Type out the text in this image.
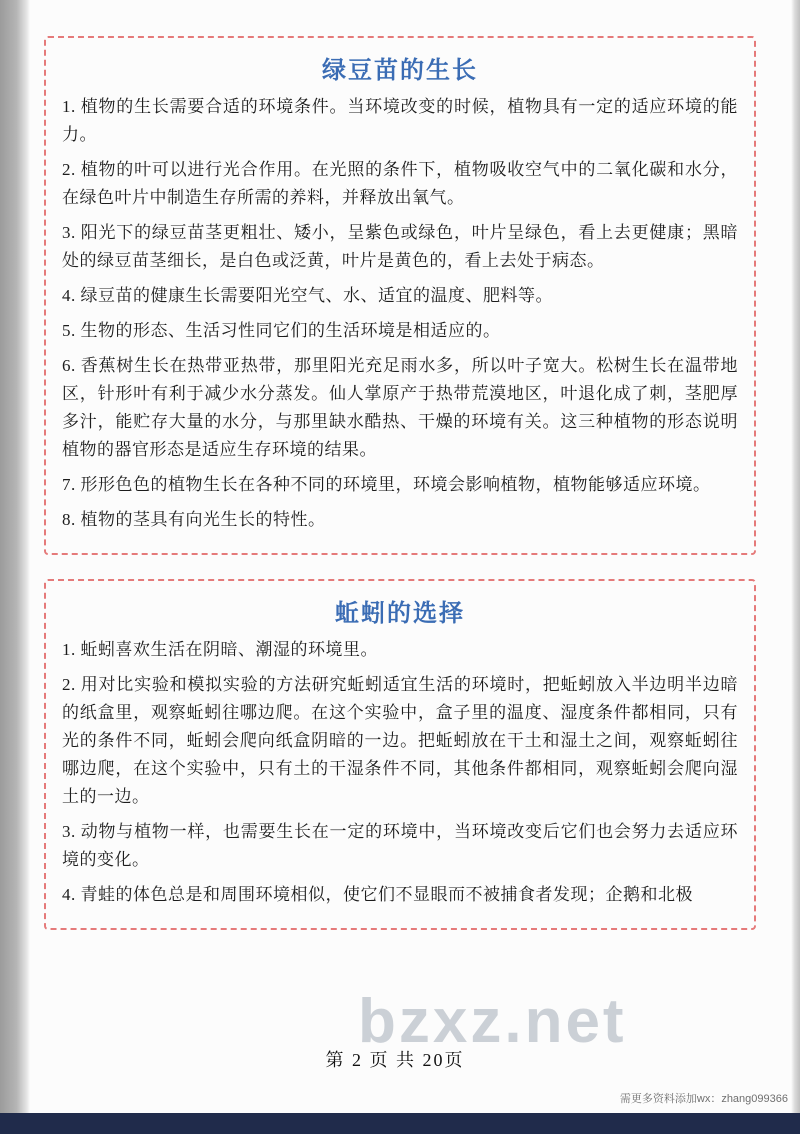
bzxz.net
绿豆苗的生长

1. 植物的生长需要合适的环境条件。当环境改变的时候，植物具有一定的适应环境的能力。

2. 植物的叶可以进行光合作用。在光照的条件下，植物吸收空气中的二氧化碳和水分，在绿色叶片中制造生存所需的养料，并释放出氧气。

3. 阳光下的绿豆苗茎更粗壮、矮小，呈紫色或绿色，叶片呈绿色，看上去更健康；黑暗处的绿豆苗茎细长，是白色或泛黄，叶片是黄色的，看上去处于病态。

4. 绿豆苗的健康生长需要阳光空气、水、适宜的温度、肥料等。

5. 生物的形态、生活习性同它们的生活环境是相适应的。

6. 香蕉树生长在热带亚热带，那里阳光充足雨水多，所以叶子宽大。松树生长在温带地区，针形叶有利于减少水分蒸发。仙人掌原产于热带荒漠地区，叶退化成了刺，茎肥厚多汁，能贮存大量的水分，与那里缺水酷热、干燥的环境有关。这三种植物的形态说明植物的器官形态是适应生存环境的结果。

7. 形形色色的植物生长在各种不同的环境里，环境会影响植物，植物能够适应环境。

8. 植物的茎具有向光生长的特性。

蚯蚓的选择

1. 蚯蚓喜欢生活在阴暗、潮湿的环境里。

2. 用对比实验和模拟实验的方法研究蚯蚓适宜生活的环境时，把蚯蚓放入半边明半边暗的纸盒里，观察蚯蚓往哪边爬。在这个实验中，盒子里的温度、湿度条件都相同，只有光的条件不同，蚯蚓会爬向纸盒阴暗的一边。把蚯蚓放在干土和湿土之间，观察蚯蚓往哪边爬，在这个实验中，只有土的干湿条件不同，其他条件都相同，观察蚯蚓会爬向湿土的一边。

3. 动物与植物一样，也需要生长在一定的环境中，当环境改变后它们也会努力去适应环境的变化。

4. 青蛙的体色总是和周围环境相似，使它们不显眼而不被捕食者发现；企鹅和北极

第 2 页 共 20页
需更多资料添加wx：zhang099366
